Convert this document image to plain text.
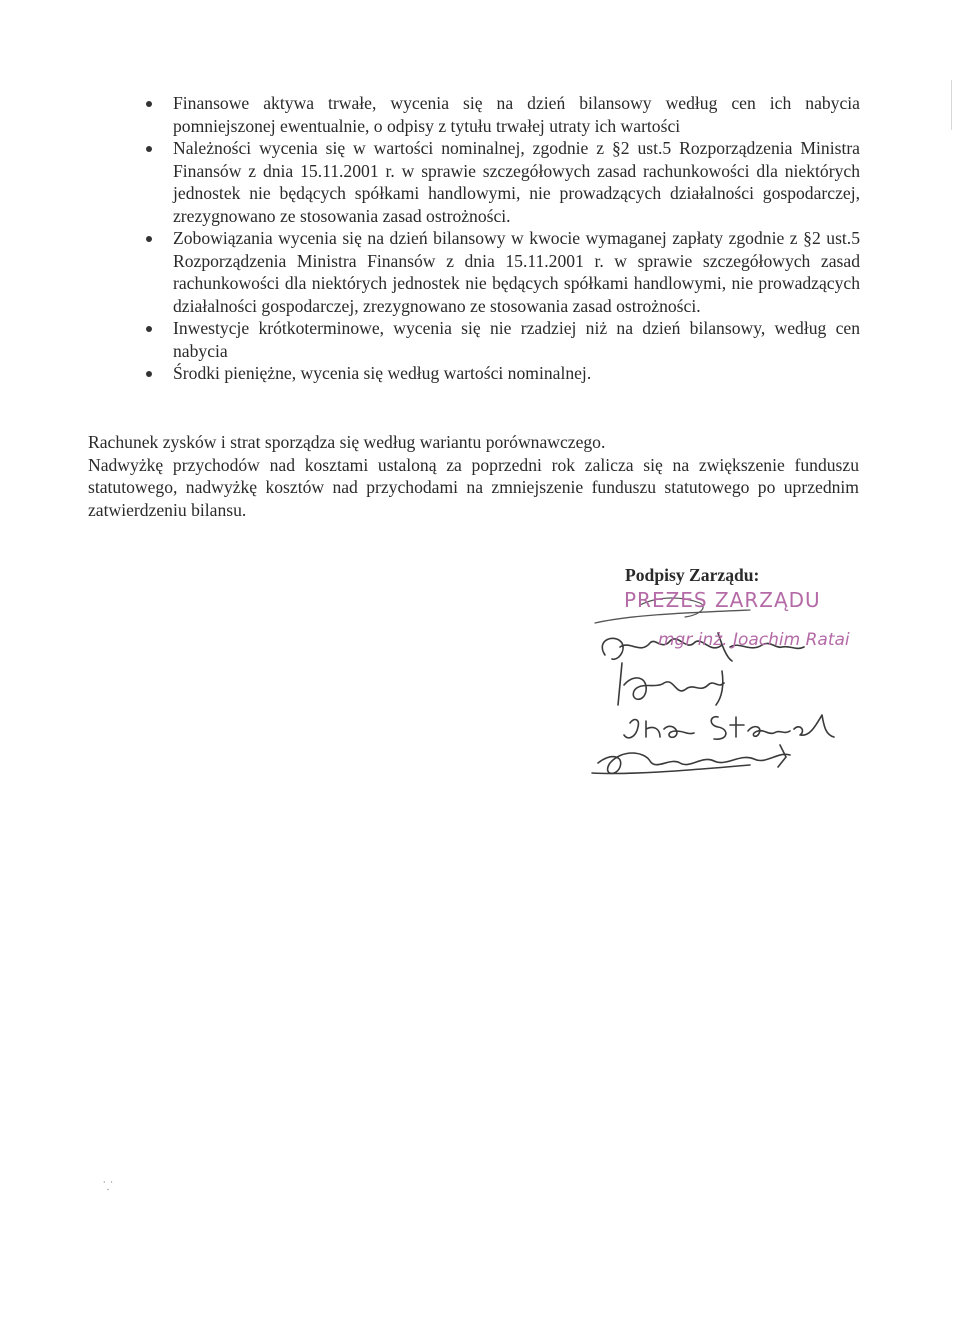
Finansowe aktywa trwałe, wycenia się na dzień bilansowy według cen ich nabycia pomniejszonej ewentualnie, o odpisy z tytułu trwałej utraty ich wartości
Należności wycenia się w wartości nominalnej, zgodnie z §2 ust.5 Rozporządzenia Ministra Finansów z dnia 15.11.2001 r. w sprawie szczegółowych zasad rachunkowości dla niektórych jednostek nie będących spółkami handlowymi, nie prowadzących działalności gospodarczej, zrezygnowano ze stosowania zasad ostrożności.
Zobowiązania wycenia się na dzień bilansowy w kwocie wymaganej zapłaty zgodnie z §2 ust.5 Rozporządzenia Ministra Finansów z dnia 15.11.2001 r. w sprawie szczegółowych zasad rachunkowości dla niektórych jednostek nie będących spółkami handlowymi, nie prowadzących działalności gospodarczej, zrezygnowano ze stosowania zasad ostrożności.
Inwestycje krótkoterminowe, wycenia się nie rzadziej niż na dzień bilansowy, według cen nabycia
Środki pieniężne, wycenia się według wartości nominalnej.

Rachunek zysków i strat sporządza się według wariantu porównawczego.

Nadwyżkę przychodów nad kosztami ustaloną za poprzedni rok zalicza się na zwiększenie funduszu statutowego, nadwyżkę kosztów nad przychodami na zmniejszenie funduszu statutowego po uprzednim zatwierdzeniu bilansu.

Podpisy Zarządu:

PREZES ZARZĄDU
mgr inż. Joachim Ratai
⸪
